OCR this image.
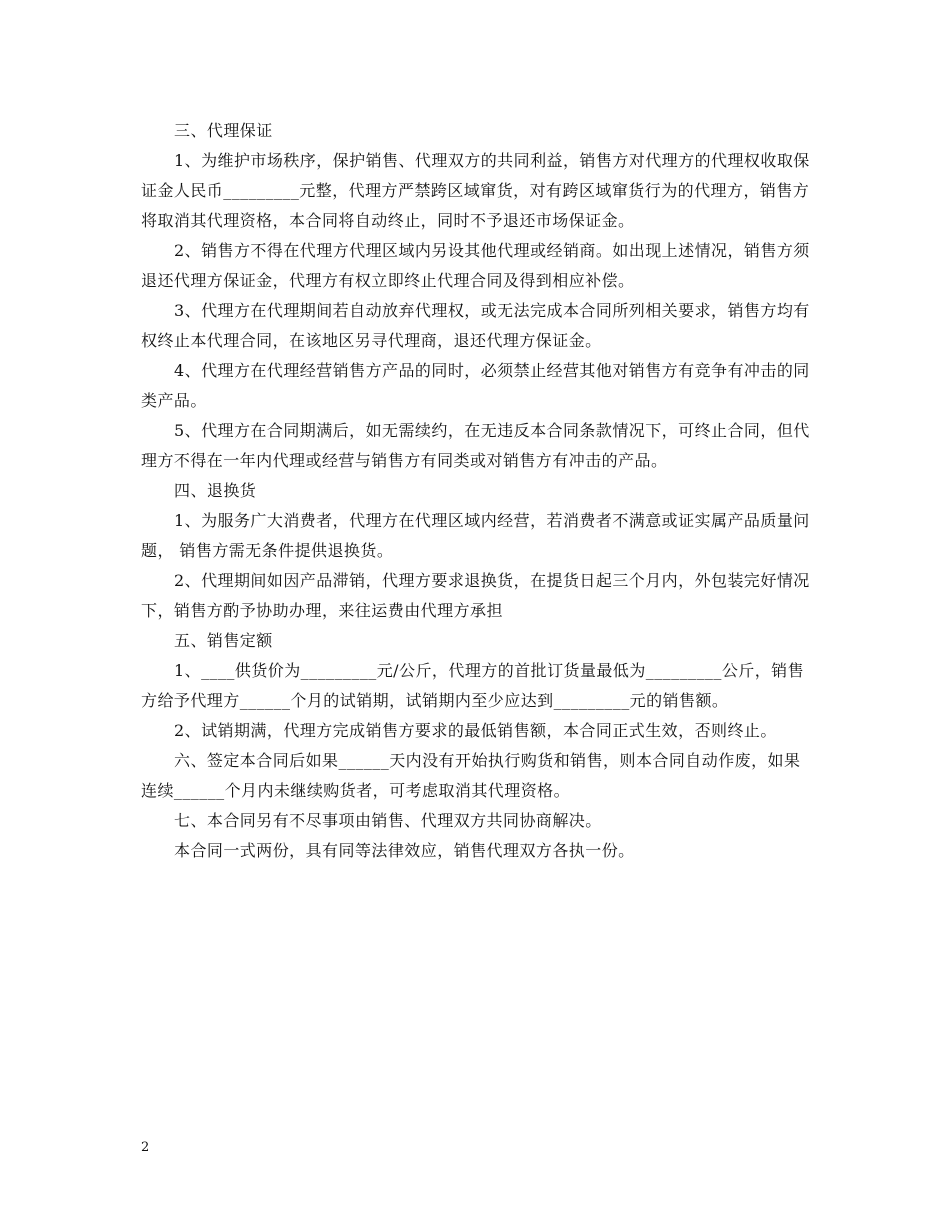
三、代理保证

1、为维护市场秩序，保护销售、代理双方的共同利益，销售方对代理方的代理权收取保证金人民币_________元整，代理方严禁跨区域窜货，对有跨区域窜货行为的代理方，销售方将取消其代理资格，本合同将自动终止，同时不予退还市场保证金。

2、销售方不得在代理方代理区域内另设其他代理或经销商。如出现上述情况，销售方须退还代理方保证金，代理方有权立即终止代理合同及得到相应补偿。

3、代理方在代理期间若自动放弃代理权，或无法完成本合同所列相关要求，销售方均有权终止本代理合同，在该地区另寻代理商，退还代理方保证金。

4、代理方在代理经营销售方产品的同时，必须禁止经营其他对销售方有竞争有冲击的同类产品。

5、代理方在合同期满后，如无需续约，在无违反本合同条款情况下，可终止合同，但代理方不得在一年内代理或经营与销售方有同类或对销售方有冲击的产品。

四、退换货

1、为服务广大消费者，代理方在代理区域内经营，若消费者不满意或证实属产品质量问题， 销售方需无条件提供退换货。

2、代理期间如因产品滞销，代理方要求退换货，在提货日起三个月内，外包装完好情况下，销售方酌予协助办理，来往运费由代理方承担

五、销售定额

1、____供货价为_________元/公斤，代理方的首批订货量最低为_________公斤，销售方给予代理方______个月的试销期，试销期内至少应达到_________元的销售额。

2、试销期满，代理方完成销售方要求的最低销售额，本合同正式生效，否则终止。

六、签定本合同后如果______天内没有开始执行购货和销售，则本合同自动作废，如果连续______个月内未继续购货者，可考虑取消其代理资格。

七、本合同另有不尽事项由销售、代理双方共同协商解决。

本合同一式两份，具有同等法律效应，销售代理双方各执一份。

2
